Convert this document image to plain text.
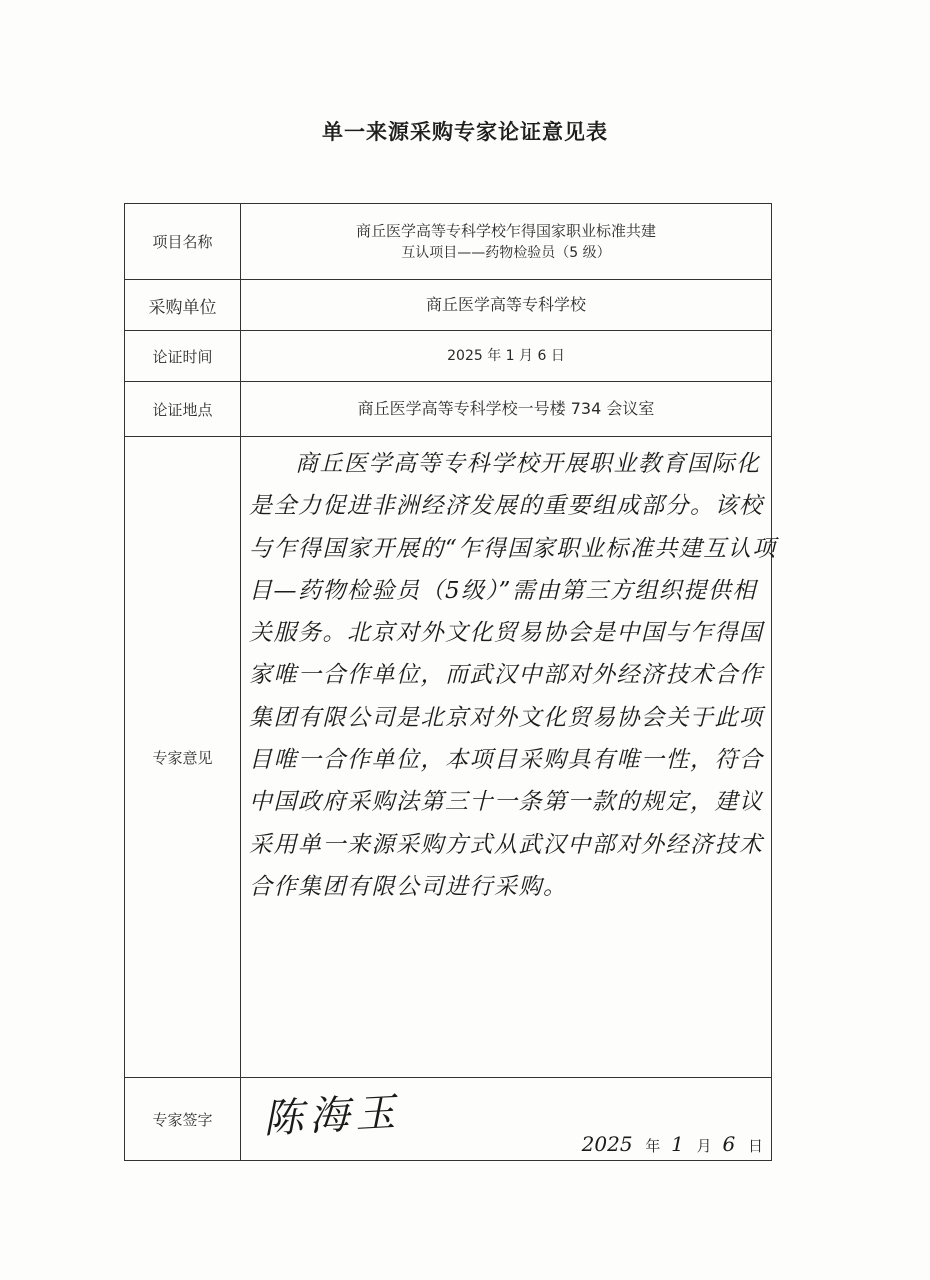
单一来源采购专家论证意见表
项目名称	商丘医学高等专科学校乍得国家职业标准共建
互认项目——药物检验员（5 级）

采购单位	商丘医学高等专科学校
论证时间	2025 年 1 月 6 日
论证地点	商丘医学高等专科学校一号楼 734 会议室
专家意见	商丘医学高等专科学校开展职业教育国际化是全力促进非洲经济发展的重要组成部分。该校与乍得国家开展的“乍得国家职业标准共建互认项目—药物检验员（5级）”需由第三方组织提供相关服务。北京对外文化贸易协会是中国与乍得国家唯一合作单位，而武汉中部对外经济技术合作集团有限公司是北京对外文化贸易协会关于此项目唯一合作单位，本项目采购具有唯一性，符合中国政府采购法第三十一条第一款的规定，建议采用单一来源采购方式从武汉中部对外经济技术合作集团有限公司进行采购。

专家签字	陈海玉
2025 年 1 月 6 日
